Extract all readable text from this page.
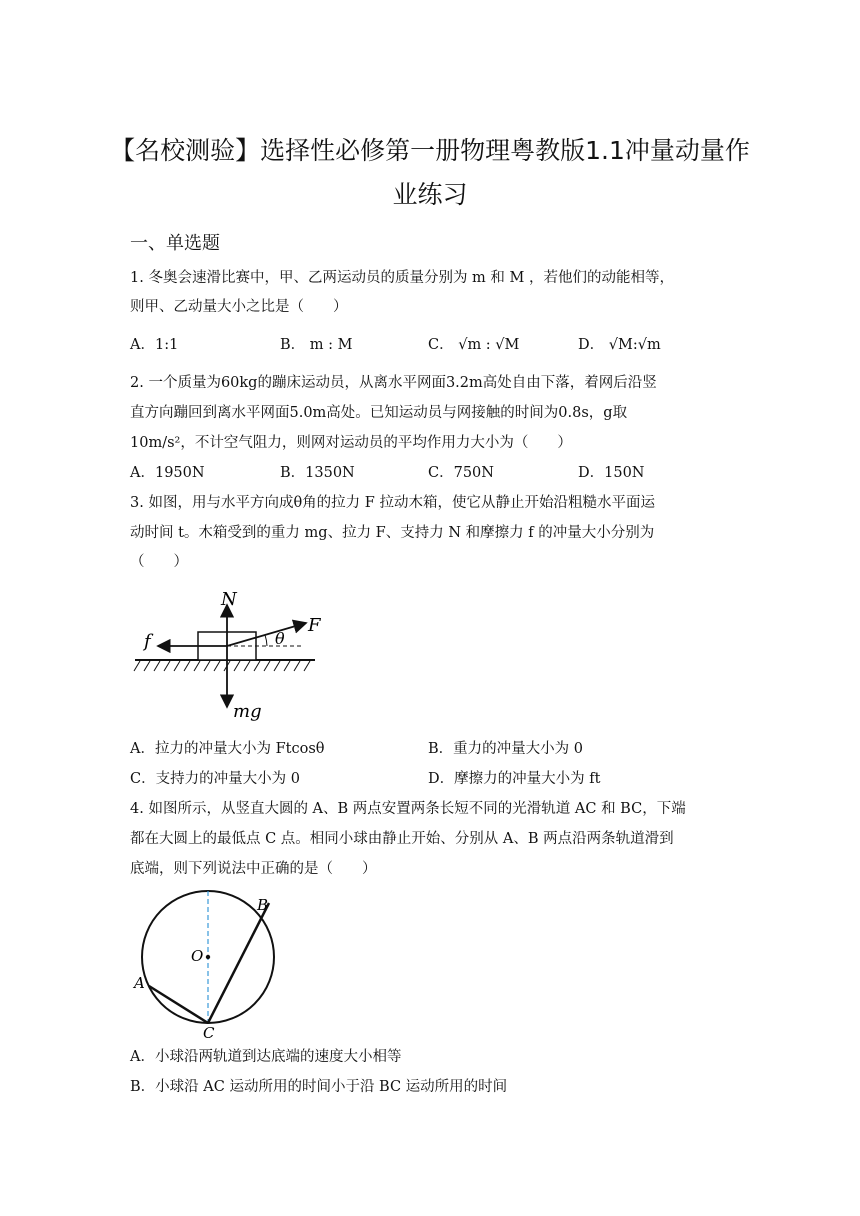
【名校测验】选择性必修第一册物理粤教版1.1冲量动量作
业练习
一、单选题
1. 冬奥会速滑比赛中，甲、乙两运动员的质量分别为 m 和 M ，若他们的动能相等，
则甲、乙动量大小之比是（　　）
A．1:1	B． m : M	C． √m : √M	D． √M:√m
2. 一个质量为60kg的蹦床运动员，从离水平网面3.2m高处自由下落，着网后沿竖
直方向蹦回到离水平网面5.0m高处。已知运动员与网接触的时间为0.8s，g取
10m/s²，不计空气阻力，则网对运动员的平均作用力大小为（　　）
A．1950N	B．1350N	C．750N	D．150N
3. 如图，用与水平方向成θ角的拉力 F 拉动木箱，使它从静止开始沿粗糙水平面运
动时间 t。木箱受到的重力 mg、拉力 F、支持力 N 和摩擦力 f 的冲量大小分别为
（　　）
N
f
F
θ
mg
A．拉力的冲量大小为 Ftcosθ	B．重力的冲量大小为 0
C．支持力的冲量大小为 0	D．摩擦力的冲量大小为 ft
4. 如图所示，从竖直大圆的 A、B 两点安置两条长短不同的光滑轨道 AC 和 BC，下端
都在大圆上的最低点 C 点。相同小球由静止开始、分别从 A、B 两点沿两条轨道滑到
底端，则下列说法中正确的是（　　）
A
B
C
O
A．小球沿两轨道到达底端的速度大小相等
B．小球沿 AC 运动所用的时间小于沿 BC 运动所用的时间
